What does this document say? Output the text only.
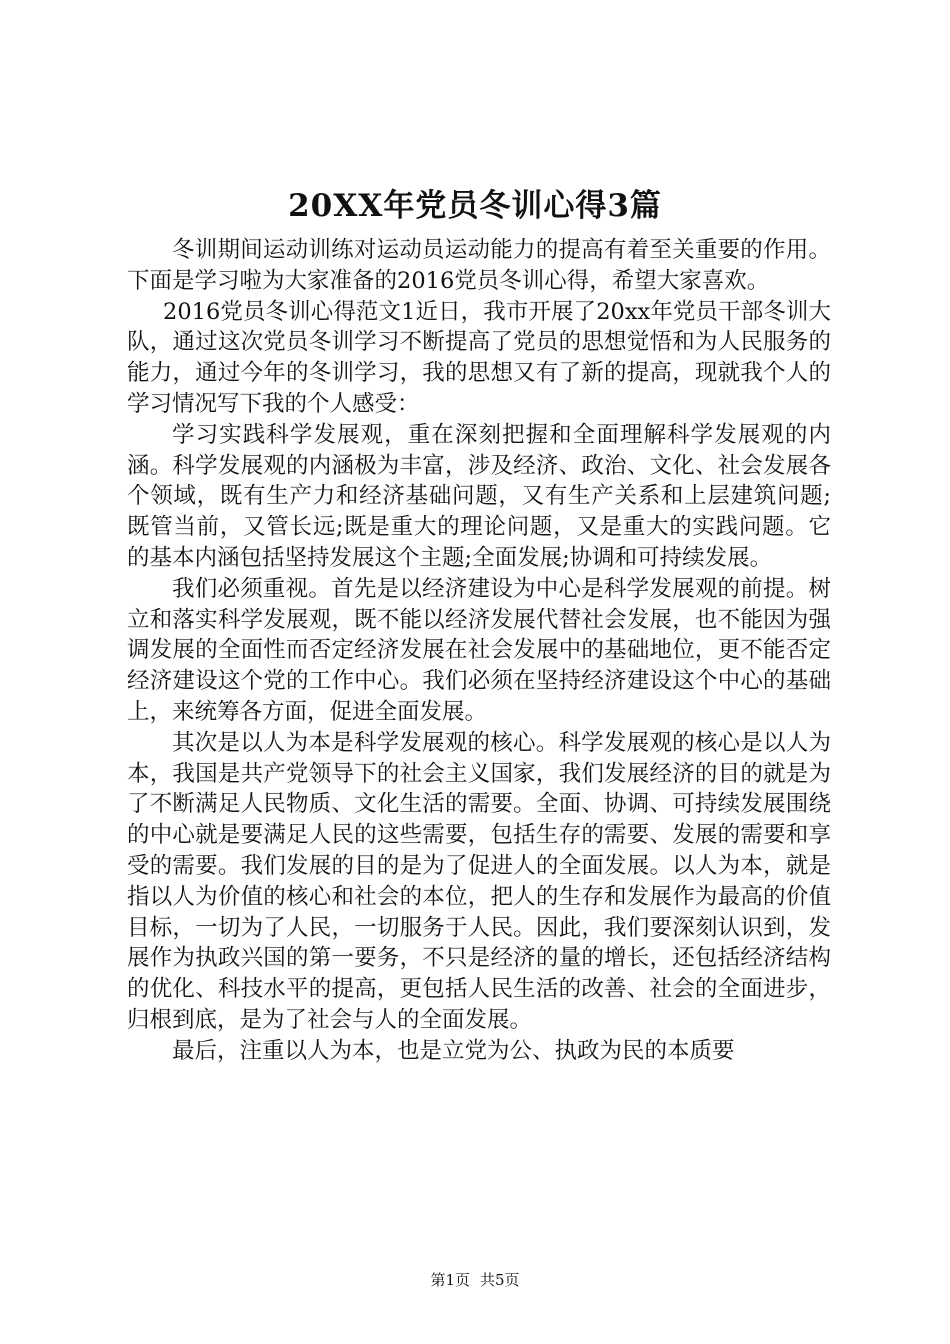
20XX年党员冬训心得3篇

冬训期间运动训练对运动员运动能力的提高有着至关重要的作用。下面是学习啦为大家准备的2016党员冬训心得，希望大家喜欢。

2016党员冬训心得范文1近日，我市开展了20xx年党员干部冬训大队，通过这次党员冬训学习不断提高了党员的思想觉悟和为人民服务的能力，通过今年的冬训学习，我的思想又有了新的提高，现就我个人的学习情况写下我的个人感受：

学习实践科学发展观，重在深刻把握和全面理解科学发展观的内涵。科学发展观的内涵极为丰富，涉及经济、政治、文化、社会发展各个领域，既有生产力和经济基础问题，又有生产关系和上层建筑问题;既管当前，又管长远;既是重大的理论问题，又是重大的实践问题。它的基本内涵包括坚持发展这个主题;全面发展;协调和可持续发展。

我们必须重视。首先是以经济建设为中心是科学发展观的前提。树立和落实科学发展观，既不能以经济发展代替社会发展，也不能因为强调发展的全面性而否定经济发展在社会发展中的基础地位，更不能否定经济建设这个党的工作中心。我们必须在坚持经济建设这个中心的基础上，来统筹各方面，促进全面发展。

其次是以人为本是科学发展观的核心。科学发展观的核心是以人为本，我国是共产党领导下的社会主义国家，我们发展经济的目的就是为了不断满足人民物质、文化生活的需要。全面、协调、可持续发展围绕的中心就是要满足人民的这些需要，包括生存的需要、发展的需要和享受的需要。我们发展的目的是为了促进人的全面发展。以人为本，就是指以人为价值的核心和社会的本位，把人的生存和发展作为最高的价值目标，一切为了人民，一切服务于人民。因此，我们要深刻认识到，发展作为执政兴国的第一要务，不只是经济的量的增长，还包括经济结构的优化、科技水平的提高，更包括人民生活的改善、社会的全面进步，归根到底，是为了社会与人的全面发展。

最后，注重以人为本，也是立党为公、执政为民的本质要

第1页 共5页
